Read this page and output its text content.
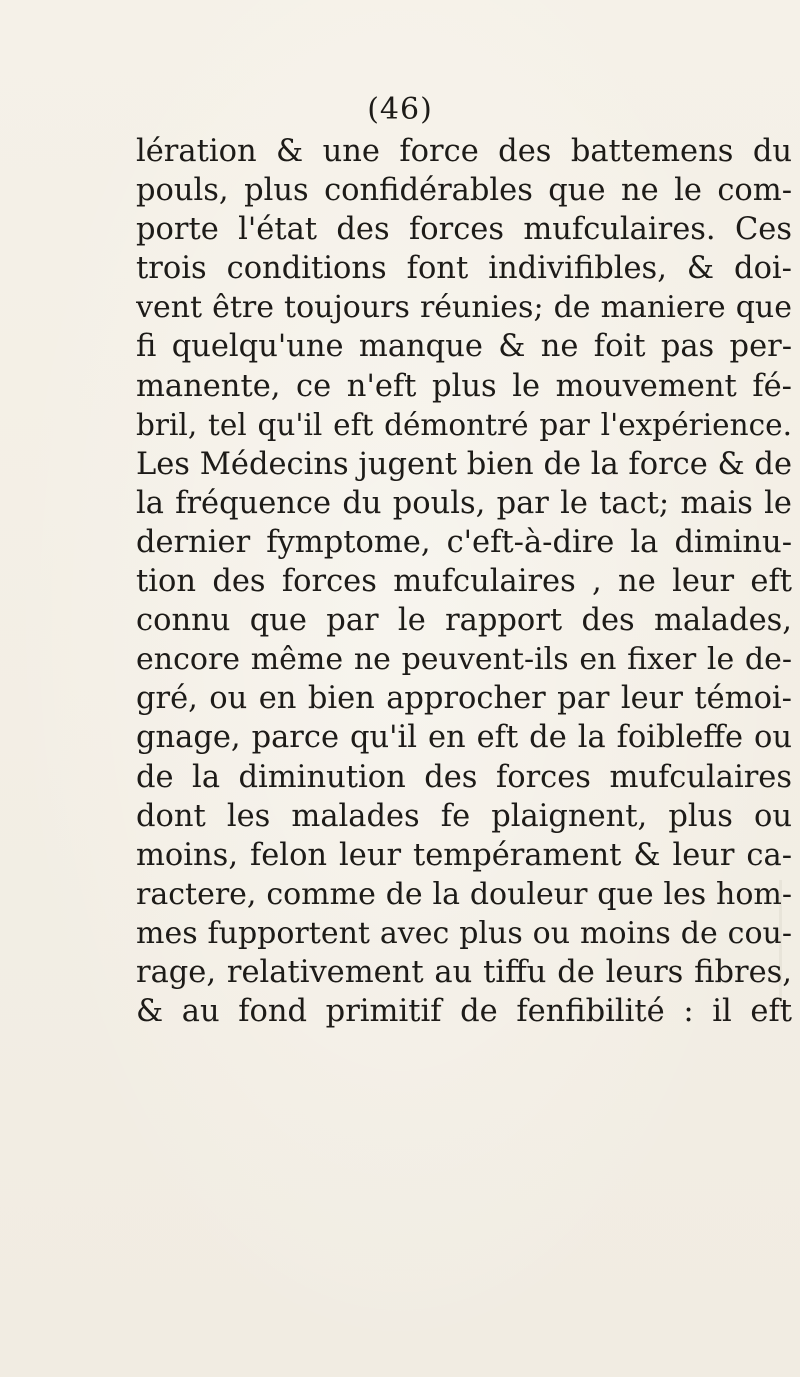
(46)
lération & une force des battemens du
pouls, plus confidérables que ne le com-
porte l'état des forces mufculaires. Ces
trois conditions font indivifibles, & doi-
vent être toujours réunies; de maniere que
fi quelqu'une manque & ne foit pas per-
manente, ce n'eft plus le mouvement fé-
bril, tel qu'il eft démontré par l'expérience.
Les Médecins jugent bien de la force & de
la fréquence du pouls, par le tact; mais le
dernier fymptome, c'eft-à-dire la diminu-
tion des forces mufculaires , ne leur eft
connu que par le rapport des malades,
encore même ne peuvent-ils en fixer le de-
gré, ou en bien approcher par leur témoi-
gnage, parce qu'il en eft de la foibleffe ou
de la diminution des forces mufculaires
dont les malades fe plaignent, plus ou
moins, felon leur tempérament & leur ca-
ractere, comme de la douleur que les hom-
mes fupportent avec plus ou moins de cou-
rage, relativement au tiffu de leurs fibres,
& au fond primitif de fenfibilité : il eft
